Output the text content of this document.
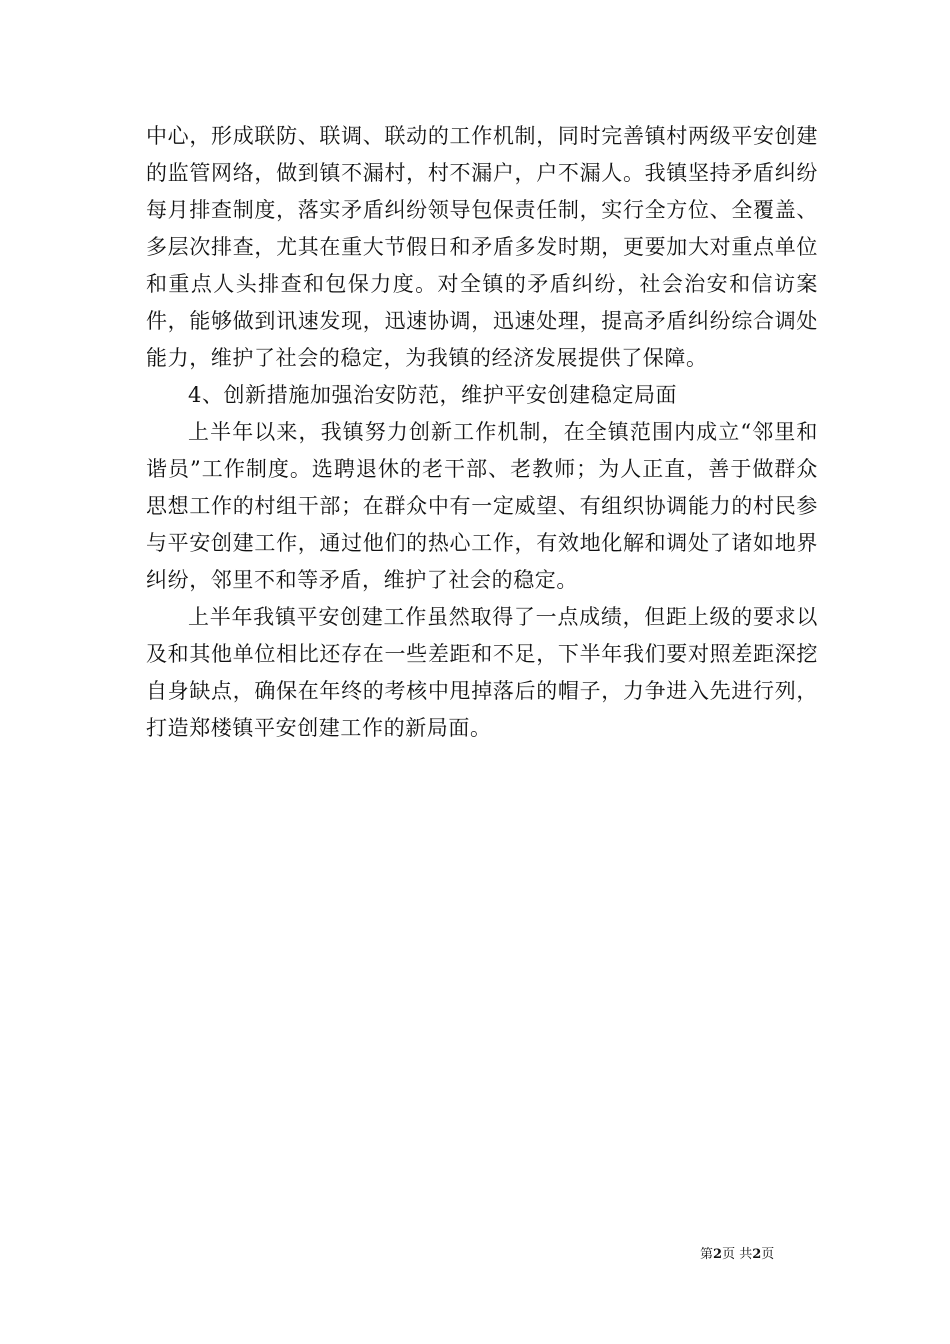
中心，形成联防、联调、联动的工作机制，同时完善镇村两级平安创建的监管网络，做到镇不漏村，村不漏户，户不漏人。我镇坚持矛盾纠纷每月排查制度，落实矛盾纠纷领导包保责任制，实行全方位、全覆盖、多层次排查，尤其在重大节假日和矛盾多发时期，更要加大对重点单位和重点人头排查和包保力度。对全镇的矛盾纠纷，社会治安和信访案件，能够做到讯速发现，迅速协调，迅速处理，提高矛盾纠纷综合调处能力，维护了社会的稳定，为我镇的经济发展提供了保障。

4、创新措施加强治安防范，维护平安创建稳定局面

上半年以来，我镇努力创新工作机制，在全镇范围内成立“邻里和谐员”工作制度。选聘退休的老干部、老教师；为人正直，善于做群众思想工作的村组干部；在群众中有一定威望、有组织协调能力的村民参与平安创建工作，通过他们的热心工作，有效地化解和调处了诸如地界纠纷，邻里不和等矛盾，维护了社会的稳定。

上半年我镇平安创建工作虽然取得了一点成绩，但距上级的要求以及和其他单位相比还存在一些差距和不足，下半年我们要对照差距深挖自身缺点，确保在年终的考核中甩掉落后的帽子，力争进入先进行列，打造郑楼镇平安创建工作的新局面。

第2页 共2页
